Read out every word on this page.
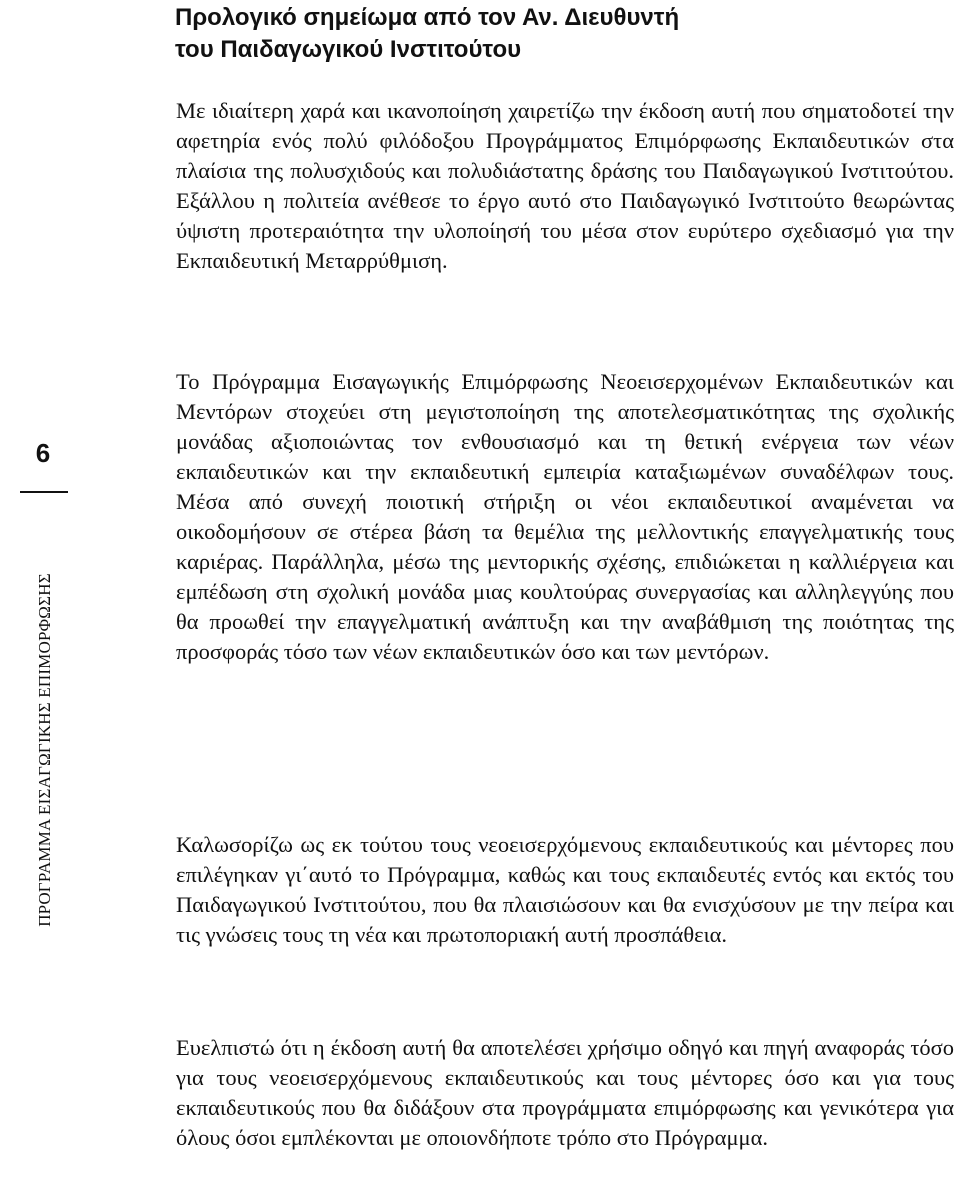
Προλογικό σημείωμα από τον Αν. Διευθυντή
του Παιδαγωγικού Ινστιτούτου

Με ιδιαίτερη χαρά και ικανοποίηση χαιρετίζω την έκδοση αυτή που σηματοδοτεί την αφετηρία ενός πολύ φιλόδοξου Προγράμματος Επιμόρφωσης Εκπαιδευτικών στα πλαίσια της πολυσχιδούς και πολυδιάστατης δράσης του Παιδαγωγικού Ινστιτούτου. Εξάλλου η πολιτεία ανέθεσε το έργο αυτό στο Παιδαγωγικό Ινστιτούτο θεωρώντας ύψιστη προτεραιότητα την υλοποίησή του μέσα στον ευρύτερο σχεδιασμό για την Εκπαιδευτική Μεταρρύθμιση.

Το Πρόγραμμα Εισαγωγικής Επιμόρφωσης Νεοεισερχομένων Εκπαιδευτικών και Μεντόρων στοχεύει στη μεγιστοποίηση της αποτελεσματικότητας της σχολικής μονάδας αξιοποιώντας τον ενθουσιασμό και τη θετική ενέργεια των νέων εκπαιδευτικών και την εκπαιδευτική εμπειρία καταξιωμένων συναδέλφων τους. Μέσα από συνεχή ποιοτική στήριξη οι νέοι εκπαιδευτικοί αναμένεται να οικοδομήσουν σε στέρεα βάση τα θεμέλια της μελλοντικής επαγγελματικής τους καριέρας. Παράλληλα, μέσω της μεντορικής σχέσης, επιδιώκεται η καλλιέργεια και εμπέδωση στη σχολική μονάδα μιας κουλτούρας συνεργασίας και αλληλεγγύης που θα προωθεί την επαγγελματική ανάπτυξη και την αναβάθμιση της ποιότητας της προσφοράς τόσο των νέων εκπαιδευτικών όσο και των μεντόρων.

Καλωσορίζω ως εκ τούτου τους νεοεισερχόμενους εκπαιδευτικούς και μέντορες που επιλέγηκαν γι΄αυτό το Πρόγραμμα, καθώς και τους εκπαιδευτές εντός και εκτός του Παιδαγωγικού Ινστιτούτου, που θα πλαισιώσουν και θα ενισχύσουν με την πείρα και τις γνώσεις τους τη νέα και πρωτοποριακή αυτή προσπάθεια.

Ευελπιστώ ότι η έκδοση αυτή θα αποτελέσει χρήσιμο οδηγό και πηγή αναφοράς τόσο για τους νεοεισερχόμενους εκπαιδευτικούς και τους μέντορες όσο και για τους εκπαιδευτικούς που θα διδάξουν στα προγράμματα επιμόρφωσης και γενικότερα για όλους όσοι εμπλέκονται με οποιονδήποτε τρόπο στο Πρόγραμμα.

6
ΠΡΟΓΡΑΜΜΑ ΕΙΣΑΓΩΓΙΚΗΣ ΕΠΙΜΟΡΦΩΣΗΣ
